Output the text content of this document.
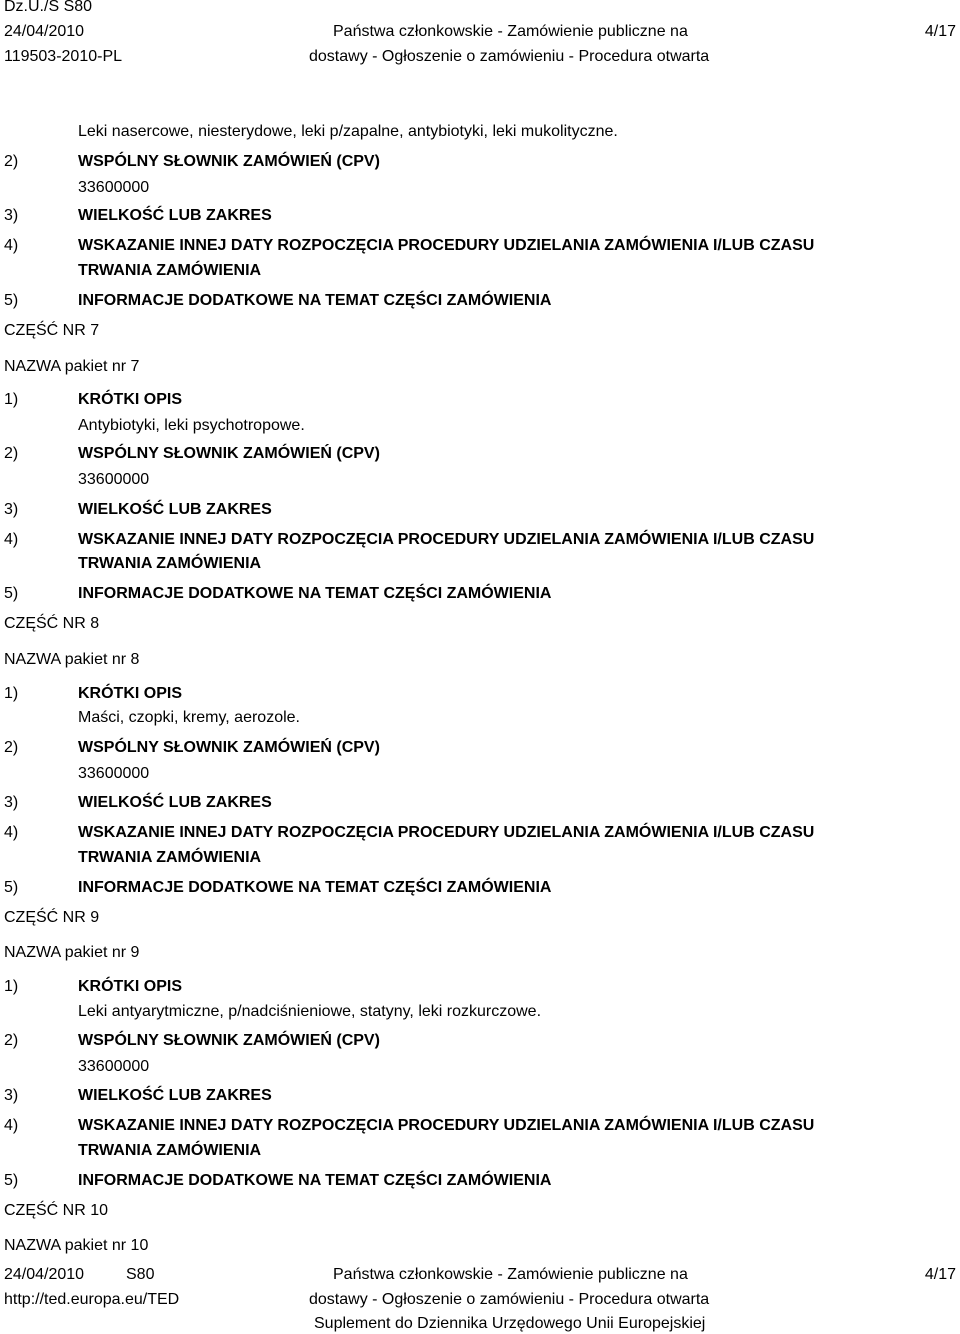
Dz.U./S S80
24/04/2010
119503-2010-PL
Państwa członkowskie - Zamówienie publiczne na
dostawy - Ogłoszenie o zamówieniu - Procedura otwarta
4/17
Leki nasercowe, niesterydowe, leki p/zapalne, antybiotyki, leki mukolityczne.
2)	WSPÓLNY SŁOWNIK ZAMÓWIEŃ (CPV)
33600000
3)	WIELKOŚĆ LUB ZAKRES
4)	WSKAZANIE INNEJ DATY ROZPOCZĘCIA PROCEDURY UDZIELANIA ZAMÓWIENIA I/LUB CZASU
TRWANIA ZAMÓWIENIA
5)	INFORMACJE DODATKOWE NA TEMAT CZĘŚCI ZAMÓWIENIA
CZĘŚĆ NR 7
NAZWA pakiet nr 7
1)	KRÓTKI OPIS
Antybiotyki, leki psychotropowe.
2)	WSPÓLNY SŁOWNIK ZAMÓWIEŃ (CPV)
33600000
3)	WIELKOŚĆ LUB ZAKRES
4)	WSKAZANIE INNEJ DATY ROZPOCZĘCIA PROCEDURY UDZIELANIA ZAMÓWIENIA I/LUB CZASU
TRWANIA ZAMÓWIENIA
5)	INFORMACJE DODATKOWE NA TEMAT CZĘŚCI ZAMÓWIENIA
CZĘŚĆ NR 8
NAZWA pakiet nr 8
1)	KRÓTKI OPIS
Maści, czopki, kremy, aerozole.
2)	WSPÓLNY SŁOWNIK ZAMÓWIEŃ (CPV)
33600000
3)	WIELKOŚĆ LUB ZAKRES
4)	WSKAZANIE INNEJ DATY ROZPOCZĘCIA PROCEDURY UDZIELANIA ZAMÓWIENIA I/LUB CZASU
TRWANIA ZAMÓWIENIA
5)	INFORMACJE DODATKOWE NA TEMAT CZĘŚCI ZAMÓWIENIA
CZĘŚĆ NR 9
NAZWA pakiet nr 9
1)	KRÓTKI OPIS
Leki antyarytmiczne, p/nadciśnieniowe, statyny, leki rozkurczowe.
2)	WSPÓLNY SŁOWNIK ZAMÓWIEŃ (CPV)
33600000
3)	WIELKOŚĆ LUB ZAKRES
4)	WSKAZANIE INNEJ DATY ROZPOCZĘCIA PROCEDURY UDZIELANIA ZAMÓWIENIA I/LUB CZASU
TRWANIA ZAMÓWIENIA
5)	INFORMACJE DODATKOWE NA TEMAT CZĘŚCI ZAMÓWIENIA
CZĘŚĆ NR 10
NAZWA pakiet nr 10
24/04/2010	S80
http://ted.europa.eu/TED
Państwa członkowskie - Zamówienie publiczne na
dostawy - Ogłoszenie o zamówieniu - Procedura otwarta
Suplement do Dziennika Urzędowego Unii Europejskiej
4/17
